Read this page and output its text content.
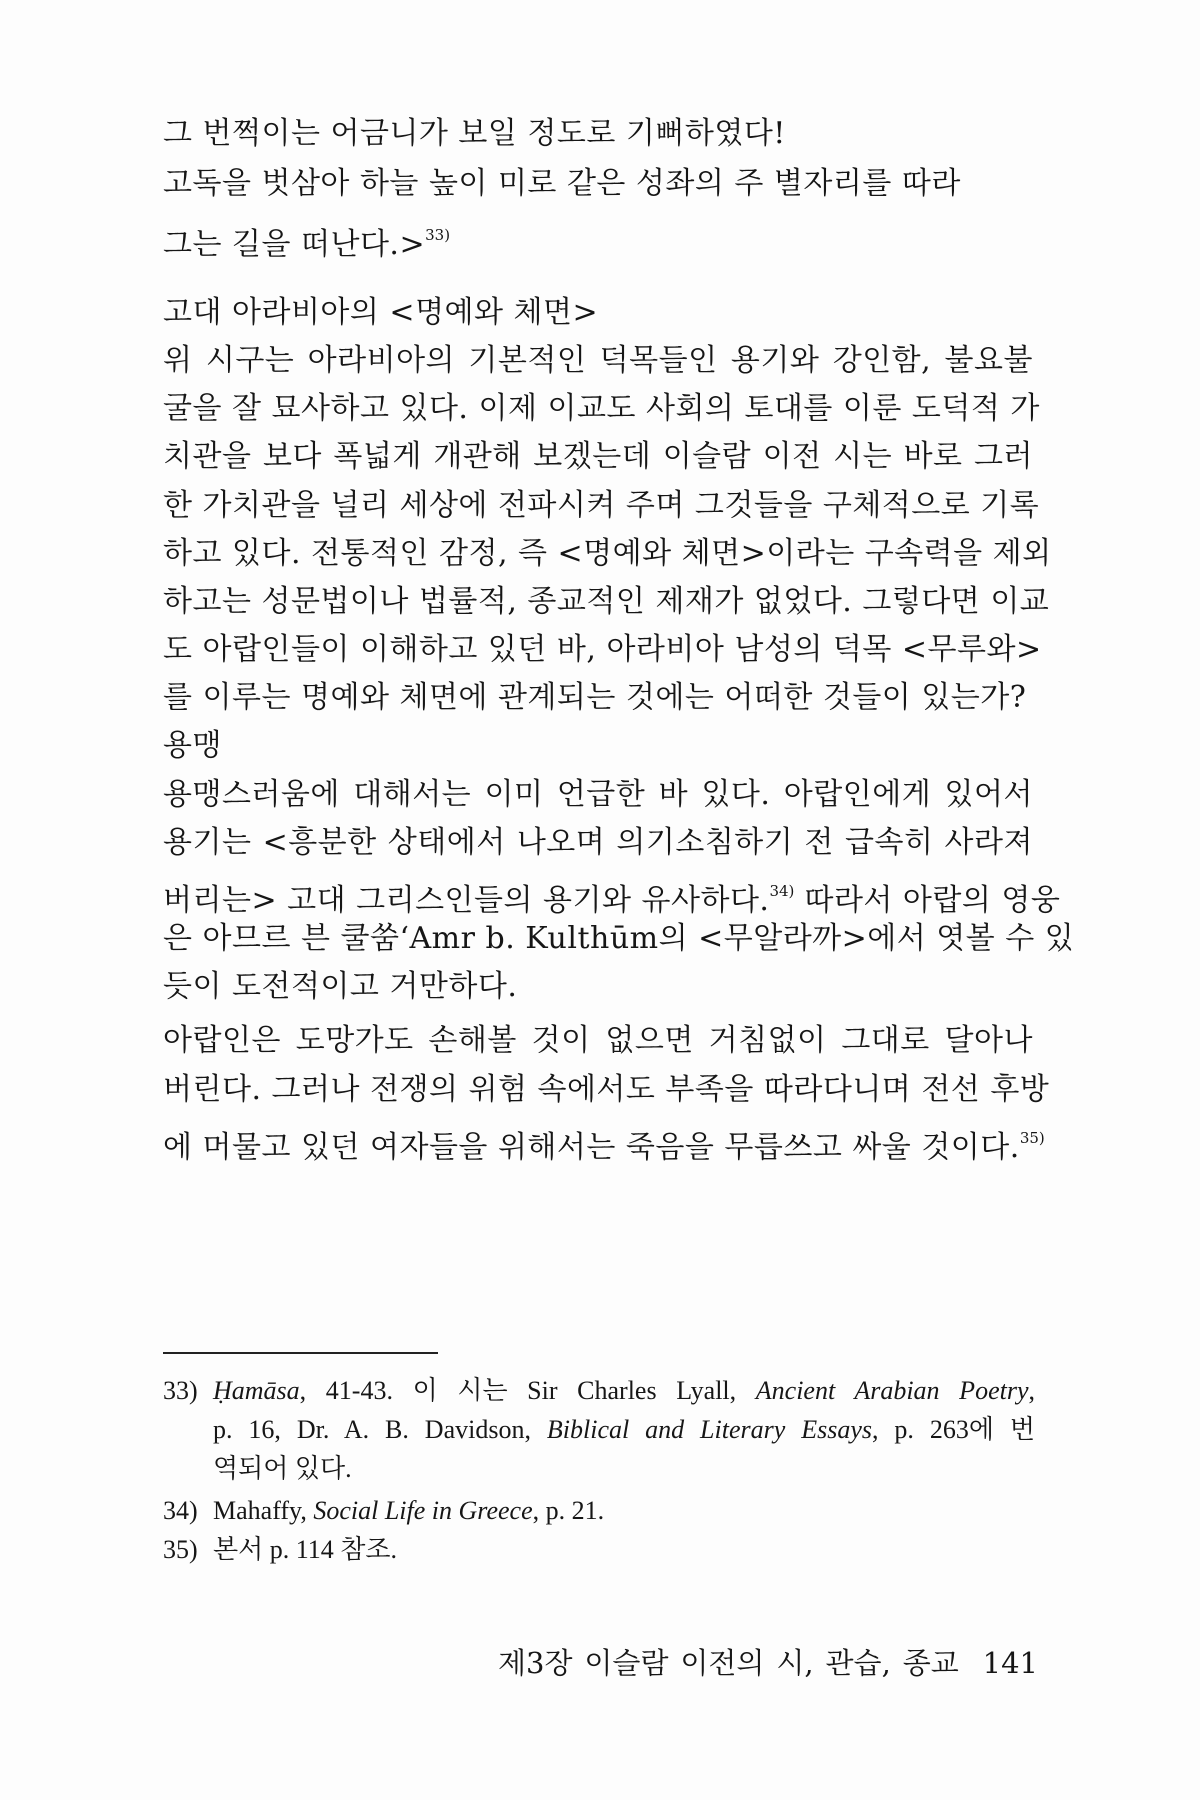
그 번쩍이는 어금니가 보일 정도로 기뻐하였다!
고독을 벗삼아 하늘 높이 미로 같은 성좌의 주 별자리를 따라
그는 길을 떠난다.>$^{33)}$
고대 아라비아의 <명예와 체면>
위 시구는 아라비아의 기본적인 덕목들인 용기와 강인함, 불요불
굴을 잘 묘사하고 있다. 이제 이교도 사회의 토대를 이룬 도덕적 가
치관을 보다 폭넓게 개관해 보겠는데 이슬람 이전 시는 바로 그러
한 가치관을 널리 세상에 전파시켜 주며 그것들을 구체적으로 기록
하고 있다. 전통적인 감정, 즉 <명예와 체면>이라는 구속력을 제외
하고는 성문법이나 법률적, 종교적인 제재가 없었다. 그렇다면 이교
도 아랍인들이 이해하고 있던 바, 아라비아 남성의 덕목 <무루와>
를 이루는 명예와 체면에 관계되는 것에는 어떠한 것들이 있는가?
용맹
용맹스러움에 대해서는 이미 언급한 바 있다. 아랍인에게 있어서
용기는 <흥분한 상태에서 나오며 의기소침하기 전 급속히 사라져
버리는> 고대 그리스인들의 용기와 유사하다.$^{34)}$ 따라서 아랍의 영웅
은 아므르 븐 쿨쑴‘Amr b. Kulthūm의 <무알라까>에서 엿볼 수 있
듯이 도전적이고 거만하다.
아랍인은 도망가도 손해볼 것이 없으면 거침없이 그대로 달아나
버린다. 그러나 전쟁의 위험 속에서도 부족을 따라다니며 전선 후방
에 머물고 있던 여자들을 위해서는 죽음을 무릅쓰고 싸울 것이다.$^{35)}$
33) Ḥamāsa, 41-43. 이 시는 Sir Charles Lyall, Ancient Arabian Poetry,
p. 16, Dr. A. B. Davidson, Biblical and Literary Essays, p. 263에 번
역되어 있다.
34) Mahaffy, Social Life in Greece, p. 21.
35) 본서 p. 114 참조.
제3장 이슬람 이전의 시, 관습, 종교 141
